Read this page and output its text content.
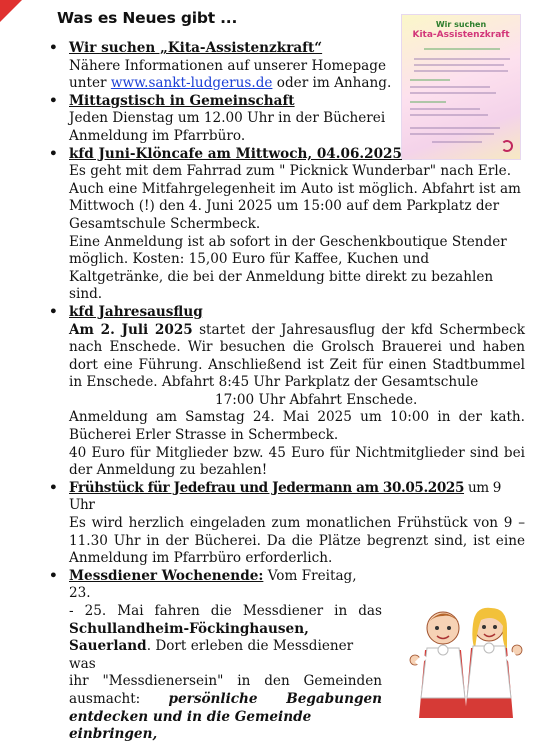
Was es Neues gibt ...	Wir suchen
Kita-Assistenzkraft
• Wir suchen „Kita-Assistenzkraft“
Nähere Informationen auf unserer Homepage
unter www.sankt-ludgerus.de oder im Anhang.
• Mittagstisch in Gemeinschaft
Jeden Dienstag um 12.00 Uhr in der Bücherei
Anmeldung im Pfarrbüro.
• kfd Juni-Klöncafe am Mittwoch, 04.06.2025
Es geht mit dem Fahrrad zum " Picknick Wunderbar" nach Erle. Auch eine Mitfahrgelegenheit im Auto ist möglich. Abfahrt ist am Mittwoch (!) den 4. Juni 2025 um 15:00 auf dem Parkplatz der Gesamtschule Schermbeck.
Eine Anmeldung ist ab sofort in der Geschenkboutique Stender möglich. Kosten: 15,00 Euro für Kaffee, Kuchen und Kaltgetränke, die bei der Anmeldung bitte direkt zu bezahlen sind.
• kfd Jahresausflug
Am 2. Juli 2025 startet der Jahresausflug der kfd Schermbeck nach Enschede. Wir besuchen die Grolsch Brauerei und haben dort eine Führung. Anschließend ist Zeit für einen Stadtbummel in Enschede. Abfahrt 8:45 Uhr Parkplatz der Gesamtschule
17:00 Uhr Abfahrt Enschede.
Anmeldung am Samstag 24. Mai 2025 um 10:00 in der kath. Bücherei Erler Strasse in Schermbeck.
40 Euro für Mitglieder bzw. 45 Euro für Nichtmitglieder sind bei der Anmeldung zu bezahlen!
• Frühstück für Jedefrau und Jedermann am 30.05.2025 um 9 Uhr
Es wird herzlich eingeladen zum monatlichen Frühstück von 9 – 11.30 Uhr in der Bücherei. Da die Plätze begrenzt sind, ist eine Anmeldung im Pfarrbüro erforderlich.
• Messdiener Wochenende: Vom Freitag, 23.
- 25. Mai fahren die Messdiener in das
Schullandheim-Föckinghausen,
Sauerland. Dort erleben die Messdiener was
ihr "Messdienersein" in den Gemeinden
ausmacht: persönliche Begabungen
entdecken und in die Gemeinde einbringen,
